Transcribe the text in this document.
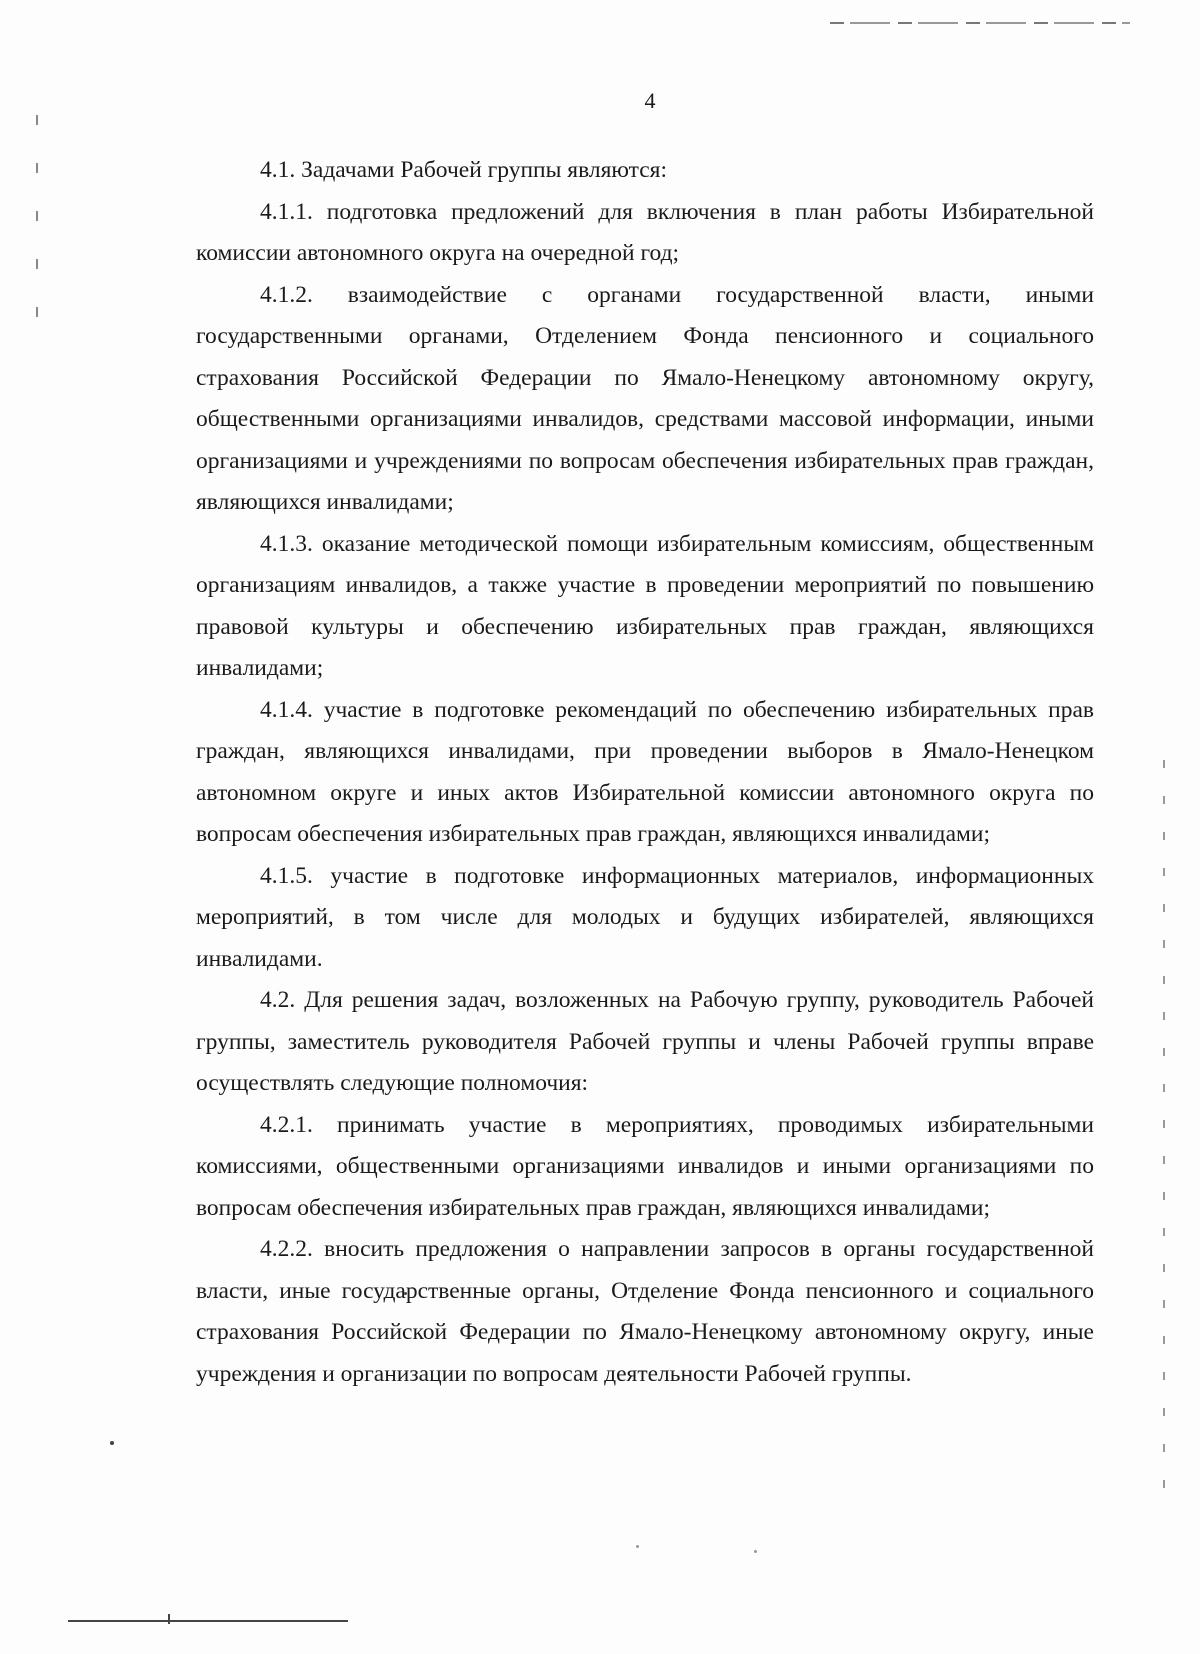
4

4.1. Задачами Рабочей группы являются:

4.1.1. подготовка предложений для включения в план работы Избирательной комиссии автономного округа на очередной год;

4.1.2. взаимодействие с органами государственной власти, иными государственными органами, Отделением Фонда пенсионного и социального страхования Российской Федерации по Ямало-Ненецкому автономному округу, общественными организациями инвалидов, средствами массовой информации, иными организациями и учреждениями по вопросам обеспечения избирательных прав граждан, являющихся инвалидами;

4.1.3. оказание методической помощи избирательным комиссиям, общественным организациям инвалидов, а также участие в проведении мероприятий по повышению правовой культуры и обеспечению избирательных прав граждан, являющихся инвалидами;

4.1.4. участие в подготовке рекомендаций по обеспечению избирательных прав граждан, являющихся инвалидами, при проведении выборов в Ямало-Ненецком автономном округе и иных актов Избирательной комиссии автономного округа по вопросам обеспечения избирательных прав граждан, являющихся инвалидами;

4.1.5. участие в подготовке информационных материалов, информационных мероприятий, в том числе для молодых и будущих избирателей, являющихся инвалидами.

4.2. Для решения задач, возложенных на Рабочую группу, руководитель Рабочей группы, заместитель руководителя Рабочей группы и члены Рабочей группы вправе осуществлять следующие полномочия:

4.2.1. принимать участие в мероприятиях, проводимых избирательными комиссиями, общественными организациями инвалидов и иными организациями по вопросам обеспечения избирательных прав граждан, являющихся инвалидами;

4.2.2. вносить предложения о направлении запросов в органы государственной власти, иные государственные органы, Отделение Фонда пенсионного и социального страхования Российской Федерации по Ямало-Ненецкому автономному округу, иные учреждения и организации по вопросам деятельности Рабочей группы.
